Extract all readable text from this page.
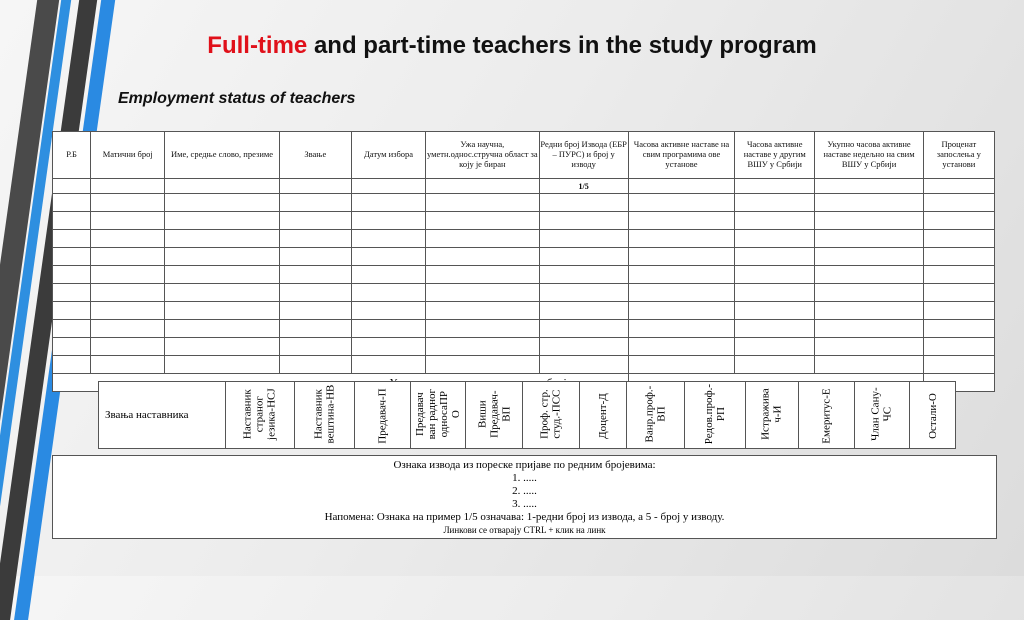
Full-time and part-time teachers in the study program
Employment status of teachers
Р.Б	Матични број	Име, средње слово, презиме	Звање	Датум избора	Ужа научна, уметн.однос.стручна област за коју је биран	Редни број Извода (ЕБР – ПУРС) и број у изводу	Часова активне наставе на свим програмима ове установе	Часова активне наставе у другим ВШУ у Србији	Укупно часова активне наставе недељно на свим ВШУ у Србији	Проценат запослења у установи
						1/5				

Звања наставника	Наставник страног језика-НСЈ	Наставник вештина-НВ	Предавач-П	Предавач ван радног односаПР О	Виши Предавач- ВП	Проф. стр. студ.-ПСС	Доцент-Д	Ванр.проф.- ВП	Редов.проф.- РП	Истражива ч-И	Емеритус-Е	Члан Сану- ЧС	Остали-О
Ознака извода из пореске пријаве по редним бројевима:
1. .....
2. .....
3. .....
Напомена: Ознака на пример 1/5 означава: 1-редни број из извода, а 5 - број у изводу.
Линкови се отварају CTRL + клик на линк
